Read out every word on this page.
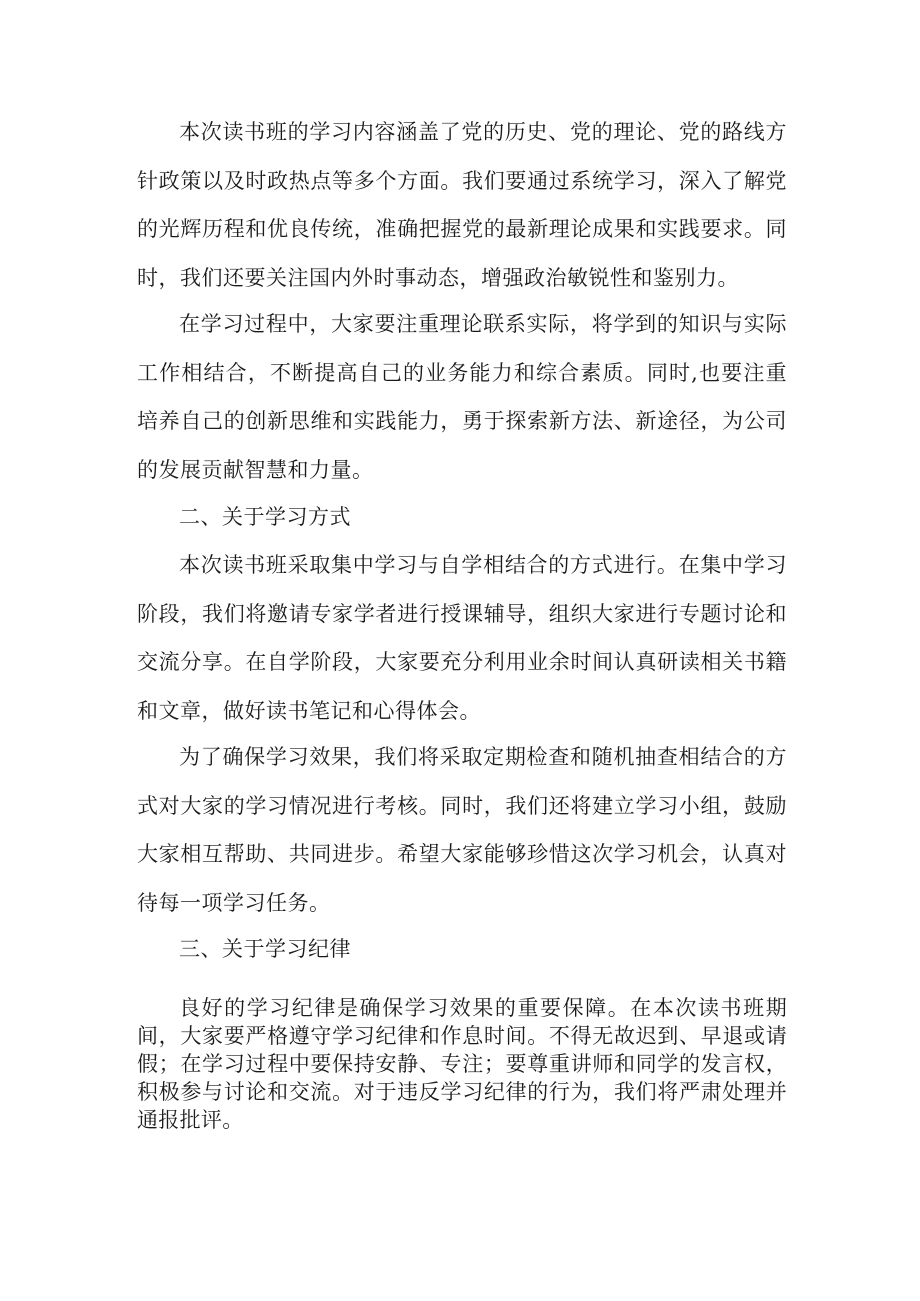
本次读书班的学习内容涵盖了党的历史、党的理论、党的路线方针政策以及时政热点等多个方面。我们要通过系统学习，深入了解党的光辉历程和优良传统，准确把握党的最新理论成果和实践要求。同时，我们还要关注国内外时事动态，增强政治敏锐性和鉴别力。

在学习过程中，大家要注重理论联系实际，将学到的知识与实际工作相结合，不断提高自己的业务能力和综合素质。同时,也要注重培养自己的创新思维和实践能力，勇于探索新方法、新途径，为公司的发展贡献智慧和力量。

二、关于学习方式

本次读书班采取集中学习与自学相结合的方式进行。在集中学习阶段，我们将邀请专家学者进行授课辅导，组织大家进行专题讨论和交流分享。在自学阶段，大家要充分利用业余时间认真研读相关书籍和文章，做好读书笔记和心得体会。

为了确保学习效果，我们将采取定期检查和随机抽查相结合的方式对大家的学习情况进行考核。同时，我们还将建立学习小组，鼓励大家相互帮助、共同进步。希望大家能够珍惜这次学习机会，认真对待每一项学习任务。

三、关于学习纪律

良好的学习纪律是确保学习效果的重要保障。在本次读书班期间，大家要严格遵守学习纪律和作息时间。不得无故迟到、早退或请假；在学习过程中要保持安静、专注；要尊重讲师和同学的发言权，积极参与讨论和交流。对于违反学习纪律的行为，我们将严肃处理并通报批评。
